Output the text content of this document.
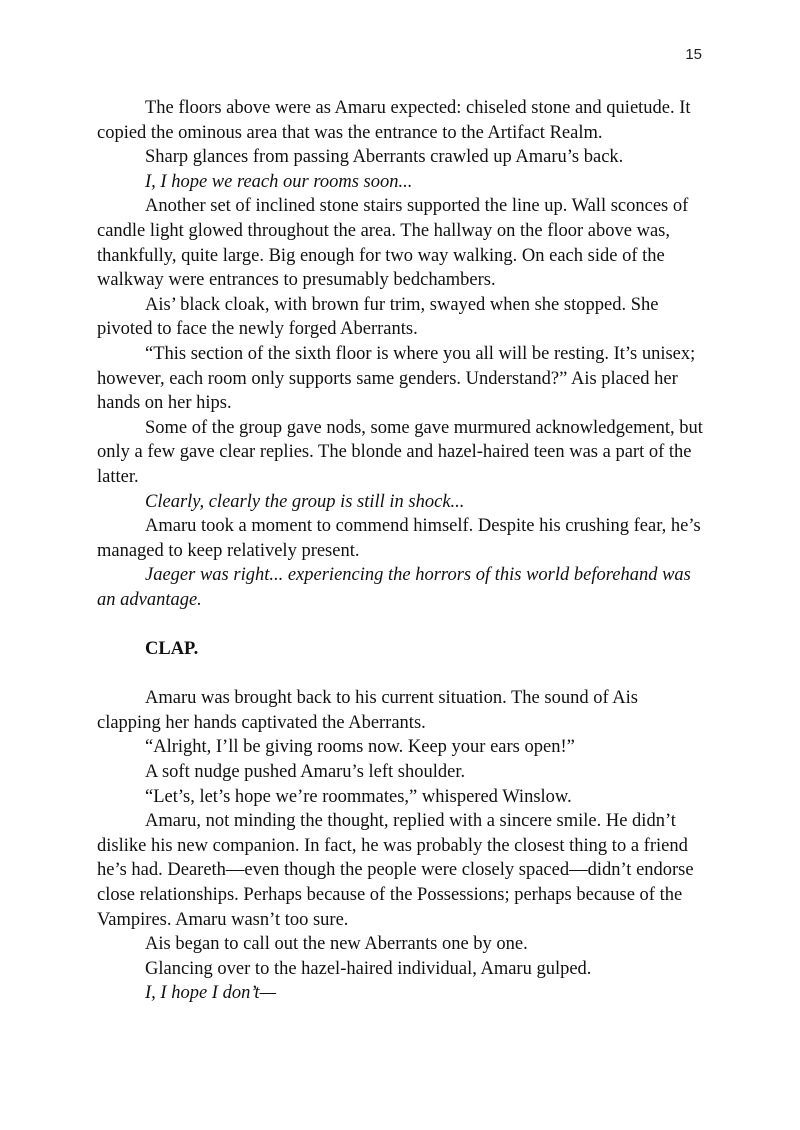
15

The floors above were as Amaru expected: chiseled stone and quietude. It copied the ominous area that was the entrance to the Artifact Realm.

Sharp glances from passing Aberrants crawled up Amaru’s back.

I, I hope we reach our rooms soon...

Another set of inclined stone stairs supported the line up. Wall sconces of candle light glowed throughout the area. The hallway on the floor above was, thankfully, quite large. Big enough for two way walking. On each side of the walkway were entrances to presumably bedchambers.

Ais’ black cloak, with brown fur trim, swayed when she stopped. She pivoted to face the newly forged Aberrants.

“This section of the sixth floor is where you all will be resting. It’s unisex; however, each room only supports same genders. Understand?” Ais placed her hands on her hips.

Some of the group gave nods, some gave murmured acknowledgement, but only a few gave clear replies. The blonde and hazel-haired teen was a part of the latter.

Clearly, clearly the group is still in shock...

Amaru took a moment to commend himself. Despite his crushing fear, he’s managed to keep relatively present.

Jaeger was right... experiencing the horrors of this world beforehand was an advantage.

CLAP.

Amaru was brought back to his current situation. The sound of Ais clapping her hands captivated the Aberrants.

“Alright, I’ll be giving rooms now. Keep your ears open!”

A soft nudge pushed Amaru’s left shoulder.

“Let’s, let’s hope we’re roommates,” whispered Winslow.

Amaru, not minding the thought, replied with a sincere smile. He didn’t dislike his new companion. In fact, he was probably the closest thing to a friend he’s had. Deareth—even though the people were closely spaced—didn’t endorse close relationships. Perhaps because of the Possessions; perhaps because of the Vampires. Amaru wasn’t too sure.

Ais began to call out the new Aberrants one by one.

Glancing over to the hazel-haired individual, Amaru gulped.

I, I hope I don’t—
